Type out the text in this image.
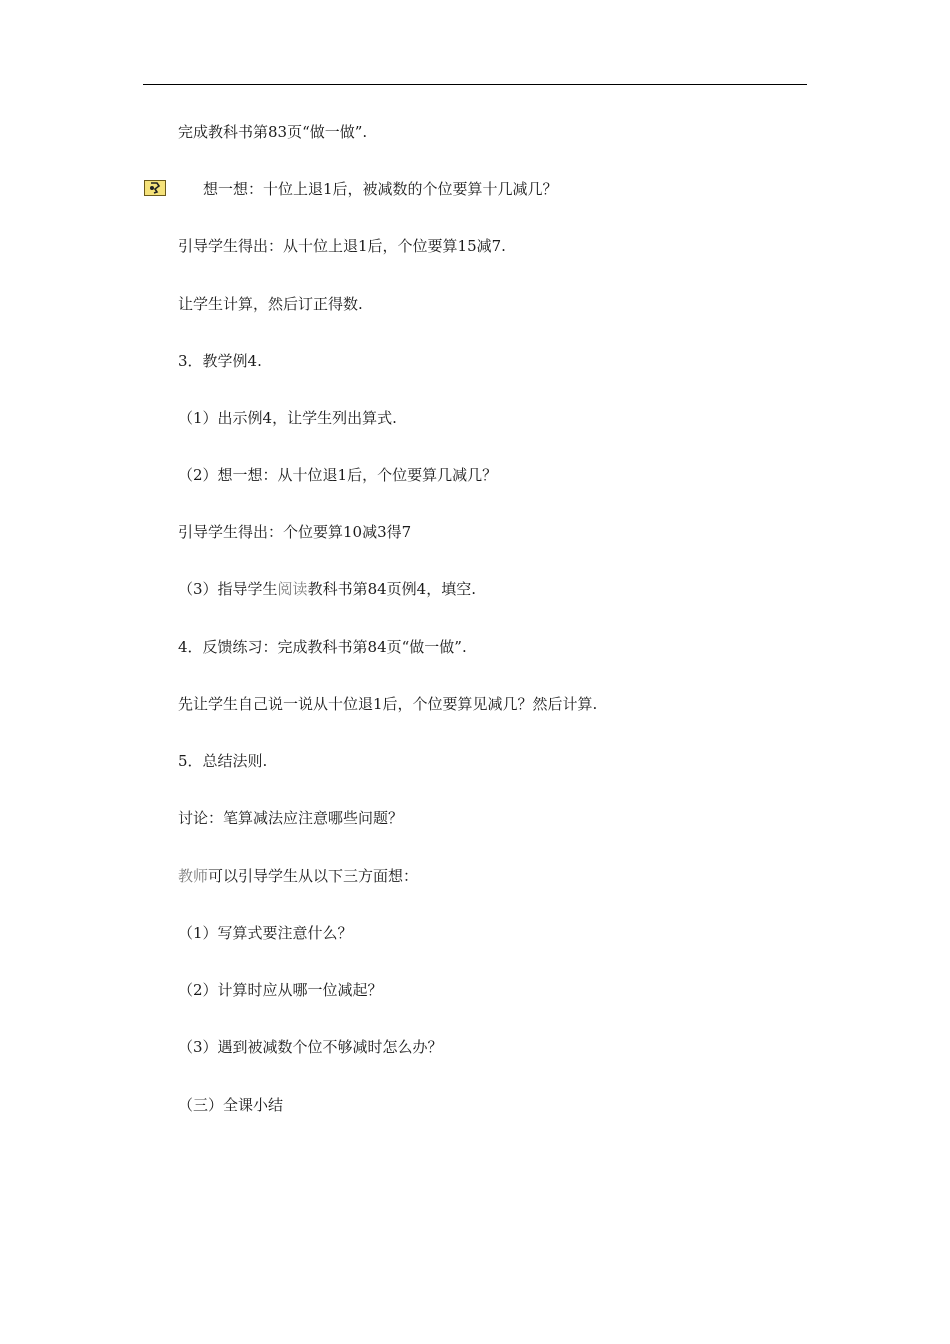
完成教科书第83页“做一做”.
想一想：十位上退1后，被减数的个位要算十几减几？
引导学生得出：从十位上退1后，个位要算15减7.
让学生计算，然后订正得数.
3．教学例4.
（1）出示例4，让学生列出算式.
（2）想一想：从十位退1后，个位要算几减几？
引导学生得出：个位要算10减3得7
（3）指导学生阅读教科书第84页例4，填空.
4．反馈练习：完成教科书第84页“做一做”.
先让学生自己说一说从十位退1后，个位要算见减几？然后计算.
5．总结法则.
讨论：笔算减法应注意哪些问题？
教师可以引导学生从以下三方面想：
（1）写算式要注意什么？
（2）计算时应从哪一位减起？
（3）遇到被减数个位不够减时怎么办？
（三）全课小结
